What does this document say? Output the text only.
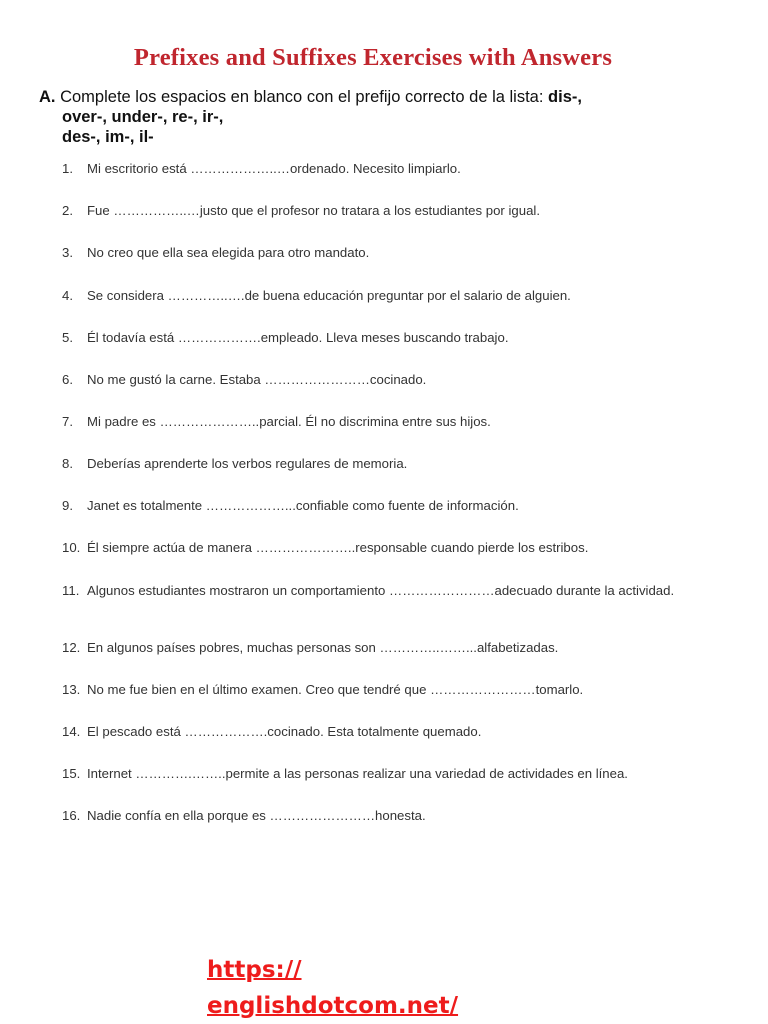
Prefixes and Suffixes Exercises with Answers
A. Complete los espacios en blanco con el prefijo correcto de la lista: dis-,
over-, under-, re-, ir-,
des-, im-, il-
1. Mi escritorio está ………………..…ordenado. Necesito limpiarlo.
2. Fue ……………..…justo que el profesor no tratara a los estudiantes por igual.
3. No creo que ella sea elegida para otro mandato.
4. Se considera …………..….de buena educación preguntar por el salario de alguien.
5. Él todavía está ……………….empleado. Lleva meses buscando trabajo.
6. No me gustó la carne. Estaba ……………………cocinado.
7. Mi padre es …………………..parcial. Él no discrimina entre sus hijos.
8. Deberías aprenderte los verbos regulares de memoria.
9. Janet es totalmente ………………...confiable como fuente de información.
10. Él siempre actúa de manera …………………..responsable cuando pierde los estribos.
11. Algunos estudiantes mostraron un comportamiento ……………………adecuado durante la actividad.
12. En algunos países pobres, muchas personas son …………..……...alfabetizadas.
13. No me fue bien en el último examen. Creo que tendré que ……………………tomarlo.
14. El pescado está ……………….cocinado. Esta totalmente quemado.
15. Internet ………….……..permite a las personas realizar una variedad de actividades en línea.
16. Nadie confía en ella porque es ……………………honesta.
https://
englishdotcom.net/
